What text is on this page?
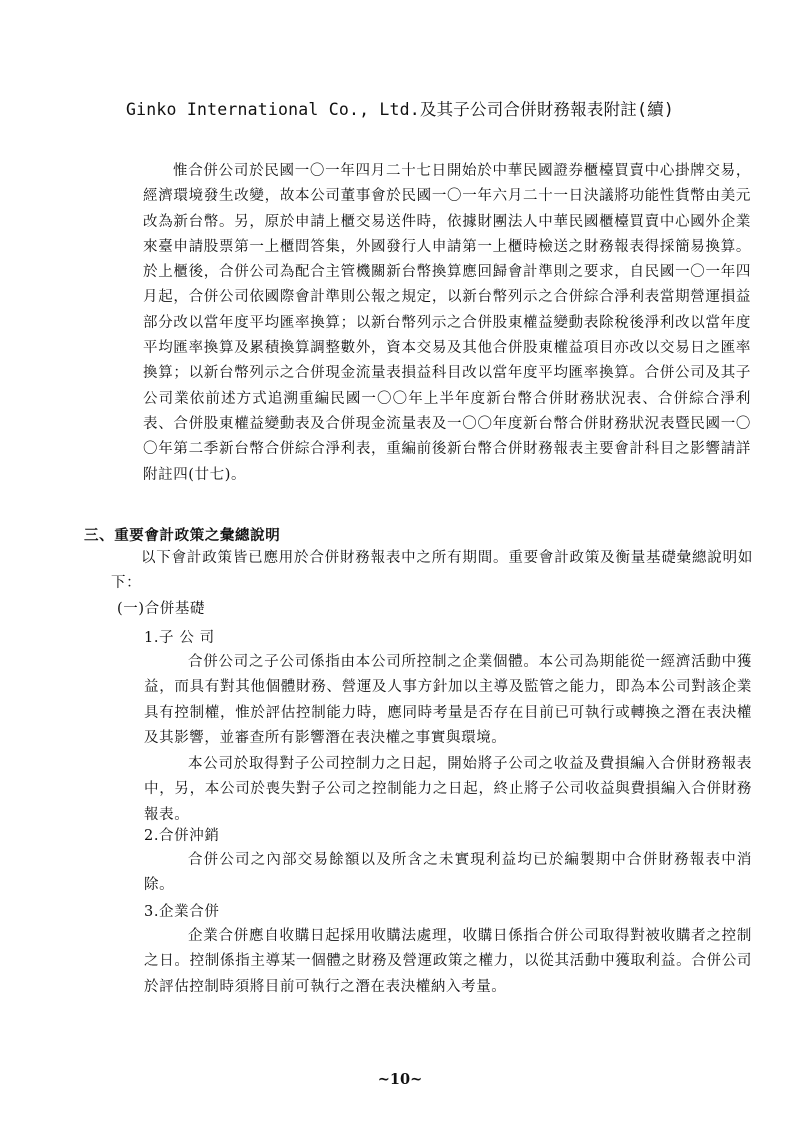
Ginko International Co., Ltd.及其子公司合併財務報表附註(續)

惟合併公司於民國一〇一年四月二十七日開始於中華民國證券櫃檯買賣中心掛牌交易，經濟環境發生改變，故本公司董事會於民國一〇一年六月二十一日決議將功能性貨幣由美元改為新台幣。另，原於申請上櫃交易送件時，依據財團法人中華民國櫃檯買賣中心國外企業來臺申請股票第一上櫃問答集，外國發行人申請第一上櫃時檢送之財務報表得採簡易換算。於上櫃後，合併公司為配合主管機關新台幣換算應回歸會計準則之要求，自民國一〇一年四月起，合併公司依國際會計準則公報之規定，以新台幣列示之合併綜合淨利表當期營運損益部分改以當年度平均匯率換算；以新台幣列示之合併股東權益變動表除稅後淨利改以當年度平均匯率換算及累積換算調整數外，資本交易及其他合併股東權益項目亦改以交易日之匯率換算；以新台幣列示之合併現金流量表損益科目改以當年度平均匯率換算。合併公司及其子公司業依前述方式追溯重編民國一〇〇年上半年度新台幣合併財務狀況表、合併綜合淨利表、合併股東權益變動表及合併現金流量表及一〇〇年度新台幣合併財務狀況表暨民國一〇〇年第二季新台幣合併綜合淨利表，重編前後新台幣合併財務報表主要會計科目之影響請詳附註四(廿七)。

三、重要會計政策之彙總說明

以下會計政策皆已應用於合併財務報表中之所有期間。重要會計政策及衡量基礎彙總說明如下：

(一)合併基礎

1.子 公 司

合併公司之子公司係指由本公司所控制之企業個體。本公司為期能從一經濟活動中獲益，而具有對其他個體財務、營運及人事方針加以主導及監管之能力，即為本公司對該企業具有控制權，惟於評估控制能力時，應同時考量是否存在目前已可執行或轉換之潛在表決權及其影響，並審查所有影響潛在表決權之事實與環境。

本公司於取得對子公司控制力之日起，開始將子公司之收益及費損編入合併財務報表中，另，本公司於喪失對子公司之控制能力之日起，終止將子公司收益與費損編入合併財務報表。

2.合併沖銷

合併公司之內部交易餘額以及所含之未實現利益均已於編製期中合併財務報表中消除。

3.企業合併

企業合併應自收購日起採用收購法處理，收購日係指合併公司取得對被收購者之控制之日。控制係指主導某一個體之財務及營運政策之權力，以從其活動中獲取利益。合併公司於評估控制時須將目前可執行之潛在表決權納入考量。

~10~
